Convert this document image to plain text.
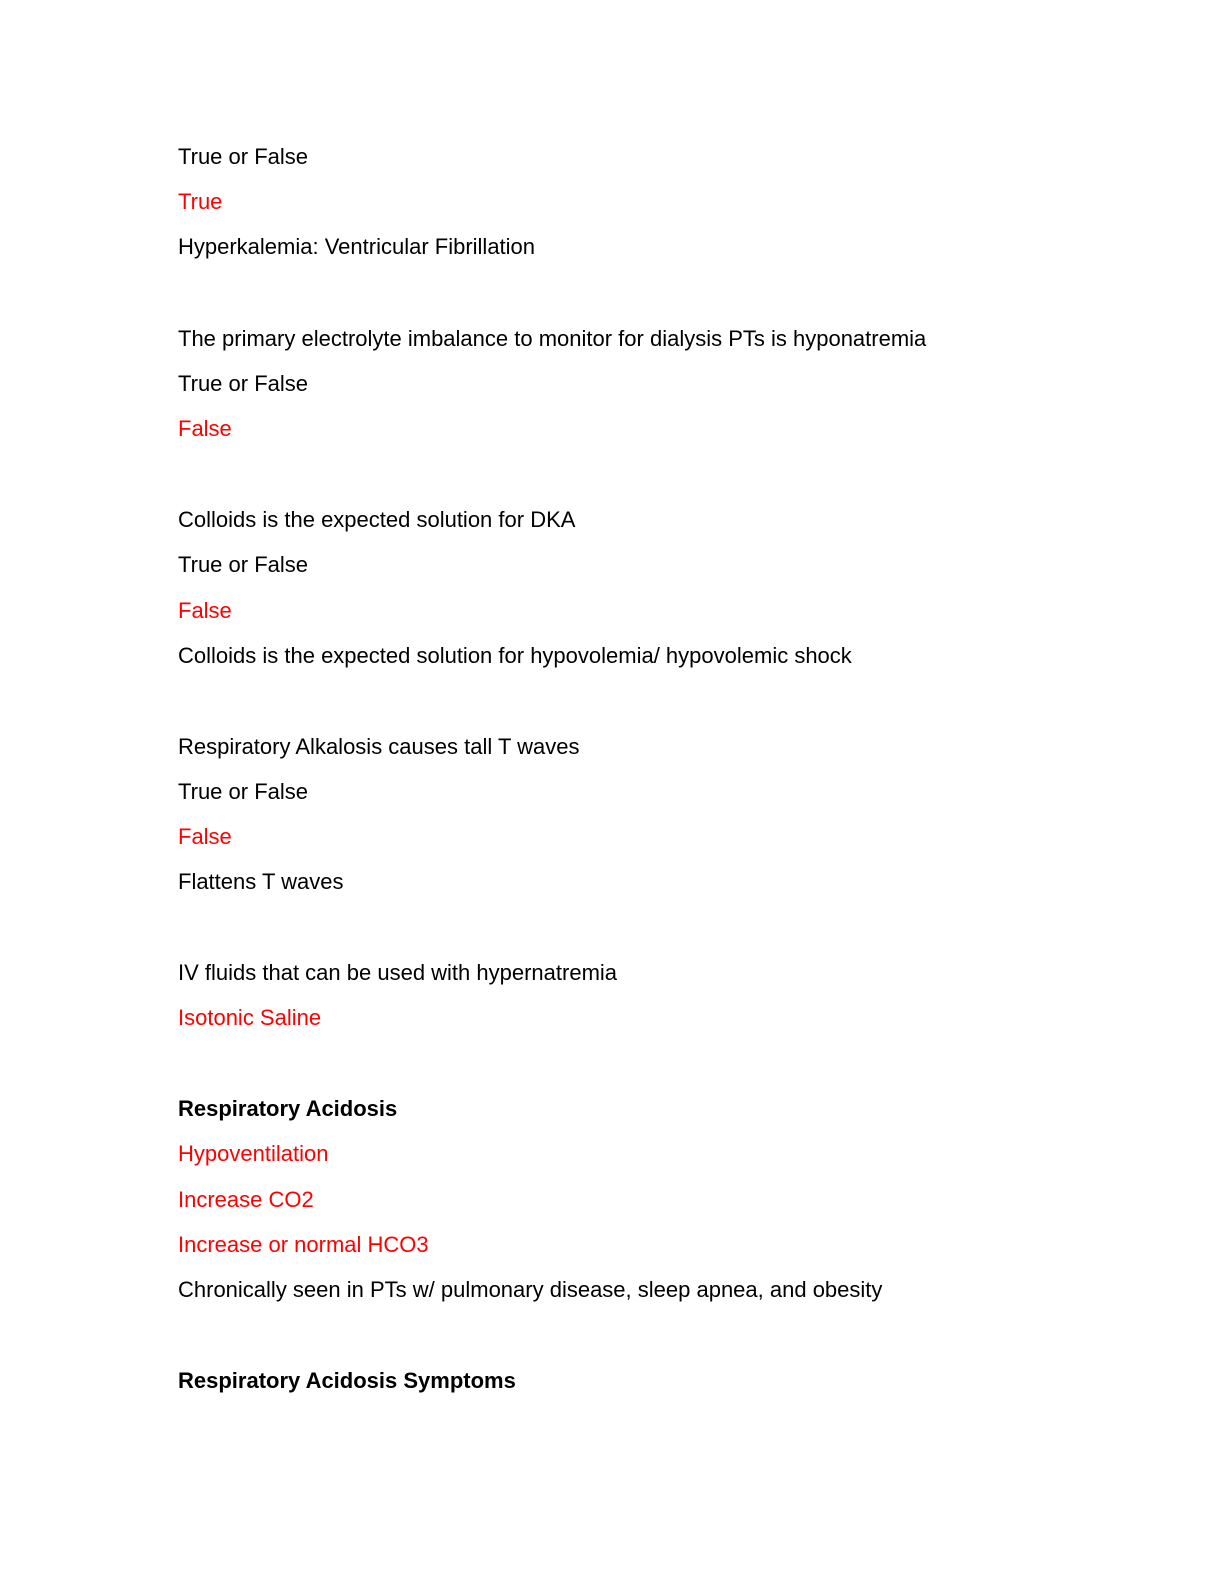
True or False
True
Hyperkalemia: Ventricular Fibrillation
The primary electrolyte imbalance to monitor for dialysis PTs is hyponatremia
True or False
False
Colloids is the expected solution for DKA
True or False
False
Colloids is the expected solution for hypovolemia/ hypovolemic shock
Respiratory Alkalosis causes tall T waves
True or False
False
Flattens T waves
IV fluids that can be used with hypernatremia
Isotonic Saline
Respiratory Acidosis
Hypoventilation
Increase CO2
Increase or normal HCO3
Chronically seen in PTs w/ pulmonary disease, sleep apnea, and obesity
Respiratory Acidosis Symptoms
